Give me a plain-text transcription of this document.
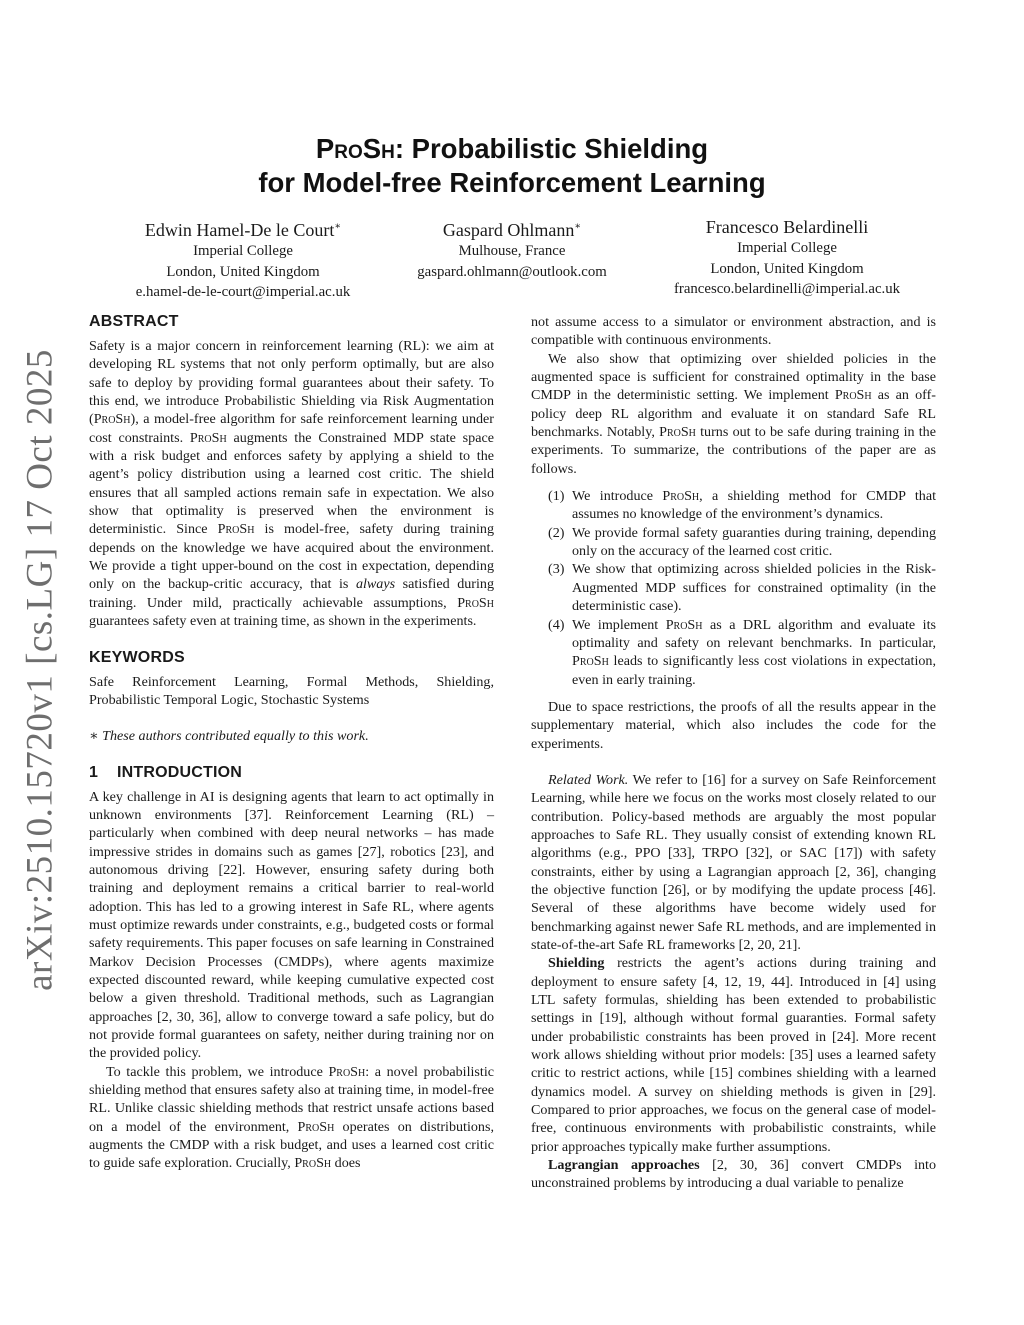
arXiv:2510.15720v1 [cs.LG] 17 Oct 2025
ProSh: Probabilistic Shielding
for Model-free Reinforcement Learning
Edwin Hamel-De le Court∗
Imperial College
London, United Kingdom
e.hamel-de-le-court@imperial.ac.uk
Gaspard Ohlmann∗
Mulhouse, France
gaspard.ohlmann@outlook.com
Francesco Belardinelli
Imperial College
London, United Kingdom
francesco.belardinelli@imperial.ac.uk
ABSTRACT

Safety is a major concern in reinforcement learning (RL): we aim at developing RL systems that not only perform optimally, but are also safe to deploy by providing formal guarantees about their safety. To this end, we introduce Probabilistic Shielding via Risk Augmentation (ProSh), a model-free algorithm for safe reinforcement learning under cost constraints. ProSh augments the Constrained MDP state space with a risk budget and enforces safety by applying a shield to the agent’s policy distribution using a learned cost critic. The shield ensures that all sampled actions remain safe in expectation. We also show that optimality is preserved when the environment is deterministic. Since ProSh is model-free, safety during training depends on the knowledge we have acquired about the environment. We provide a tight upper-bound on the cost in expectation, depending only on the backup-critic accuracy, that is always satisfied during training. Under mild, practically achievable assumptions, ProSh guarantees safety even at training time, as shown in the experiments.

KEYWORDS

Safe Reinforcement Learning, Formal Methods, Shielding, Probabilistic Temporal Logic, Stochastic Systems

∗ These authors contributed equally to this work.

1 INTRODUCTION

A key challenge in AI is designing agents that learn to act optimally in unknown environments [37]. Reinforcement Learning (RL) – particularly when combined with deep neural networks – has made impressive strides in domains such as games [27], robotics [23], and autonomous driving [22]. However, ensuring safety during both training and deployment remains a critical barrier to real-world adoption. This has led to a growing interest in Safe RL, where agents must optimize rewards under constraints, e.g., budgeted costs or formal safety requirements. This paper focuses on safe learning in Constrained Markov Decision Processes (CMDPs), where agents maximize expected discounted reward, while keeping cumulative expected cost below a given threshold. Traditional methods, such as Lagrangian approaches [2, 30, 36], allow to converge toward a safe policy, but do not provide formal guarantees on safety, neither during training nor on the provided policy.

To tackle this problem, we introduce ProSh: a novel probabilistic shielding method that ensures safety also at training time, in model-free RL. Unlike classic shielding methods that restrict unsafe actions based on a model of the environment, ProSh operates on distributions, augments the CMDP with a risk budget, and uses a learned cost critic to guide safe exploration. Crucially, ProSh does

not assume access to a simulator or environment abstraction, and is compatible with continuous environments.

We also show that optimizing over shielded policies in the augmented space is sufficient for constrained optimality in the base CMDP in the deterministic setting. We implement ProSh as an off-policy deep RL algorithm and evaluate it on standard Safe RL benchmarks. Notably, ProSh turns out to be safe during training in the experiments. To summarize, the contributions of the paper are as follows.

(1) We introduce ProSh, a shielding method for CMDP that assumes no knowledge of the environment’s dynamics.
(2) We provide formal safety guaranties during training, depending only on the accuracy of the learned cost critic.
(3) We show that optimizing across shielded policies in the Risk-Augmented MDP suffices for constrained optimality (in the deterministic case).
(4) We implement ProSh as a DRL algorithm and evaluate its optimality and safety on relevant benchmarks. In particular, ProSh leads to significantly less cost violations in expectation, even in early training.

Due to space restrictions, the proofs of all the results appear in the supplementary material, which also includes the code for the experiments.

Related Work. We refer to [16] for a survey on Safe Reinforcement Learning, while here we focus on the works most closely related to our contribution. Policy-based methods are arguably the most popular approaches to Safe RL. They usually consist of extending known RL algorithms (e.g., PPO [33], TRPO [32], or SAC [17]) with safety constraints, either by using a Lagrangian approach [2, 36], changing the objective function [26], or by modifying the update process [46]. Several of these algorithms have become widely used for benchmarking against newer Safe RL methods, and are implemented in state-of-the-art Safe RL frameworks [2, 20, 21].

Shielding restricts the agent’s actions during training and deployment to ensure safety [4, 12, 19, 44]. Introduced in [4] using LTL safety formulas, shielding has been extended to probabilistic settings in [19], although without formal guaranties. Formal safety under probabilistic constraints has been proved in [24]. More recent work allows shielding without prior models: [35] uses a learned safety critic to restrict actions, while [15] combines shielding with a learned dynamics model. A survey on shielding methods is given in [29]. Compared to prior approaches, we focus on the general case of model-free, continuous environments with probabilistic constraints, while prior approaches typically make further assumptions.

Lagrangian approaches [2, 30, 36] convert CMDPs into unconstrained problems by introducing a dual variable to penalize
